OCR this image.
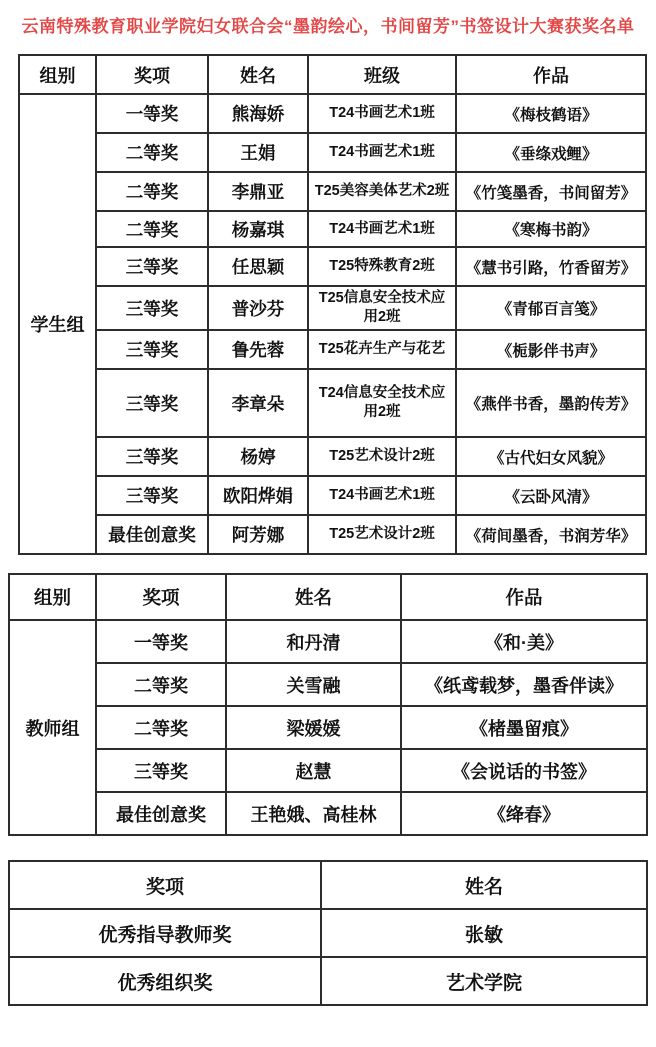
云南特殊教育职业学院妇女联合会“墨韵绘心，书间留芳”书签设计大赛获奖名单
组别	奖项	姓名	班级	作品
学生组	一等奖	熊海娇	T24书画艺术1班	《梅枝鹤语》
	二等奖	王娟	T24书画艺术1班	《垂绦戏鲤》
	二等奖	李鼎亚	T25美容美体艺术2班	《竹笺墨香，书间留芳》
	二等奖	杨嘉琪	T24书画艺术1班	《寒梅书韵》
	三等奖	任思颖	T25特殊教育2班	《慧书引路，竹香留芳》
	三等奖	普沙芬	T25信息安全技术应用2班	《青郁百言笺》
	三等奖	鲁先蓉	T25花卉生产与花艺	《栀影伴书声》
	三等奖	李章朵	T24信息安全技术应用2班	《燕伴书香，墨韵传芳》
	三等奖	杨婷	T25艺术设计2班	《古代妇女风貌》
	三等奖	欧阳烨娟	T24书画艺术1班	《云卧风清》
	最佳创意奖	阿芳娜	T25艺术设计2班	《荷间墨香，书润芳华》
组别	奖项	姓名	作品
教师组	一等奖	和丹清	《和·美》
	二等奖	关雪融	《纸鸢载梦，墨香伴读》
	二等奖	梁媛媛	《楮墨留痕》
	三等奖	赵慧	《会说话的书签》
	最佳创意奖	王艳娥、高桂林	《绛春》
奖项	姓名
优秀指导教师奖	张敏
优秀组织奖	艺术学院
